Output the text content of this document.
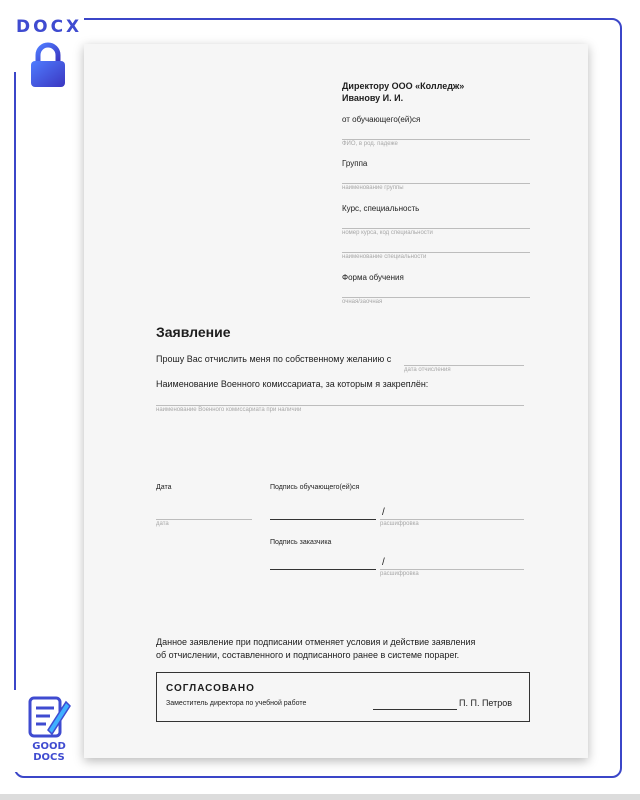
DOCX
GOOD
DOCS
Директору ООО «Колледж»
Иванову И. И.
от обучающего(ей)ся
ФИО, в род. падеже
Группа
наименование группы
Курс, специальность
номер курса, код специальности
наименование специальности
Форма обучения
очная/заочная
Заявление
Прошу Вас отчислить меня по собственному желанию с
дата отчисления
Наименование Военного комиссариата, за которым я закреплён:
наименование Военного комиссариата при наличии
Дата
дата
Подпись обучающего(ей)ся
/
расшифровка
Подпись заказчика
/
расшифровка
Данное заявление при подписании отменяет условия и действие заявления
об отчислении, составленного и подписанного ранее в системе порарег.
СОГЛАСОВАНО
Заместитель директора по учебной работе	П. П. Петров
